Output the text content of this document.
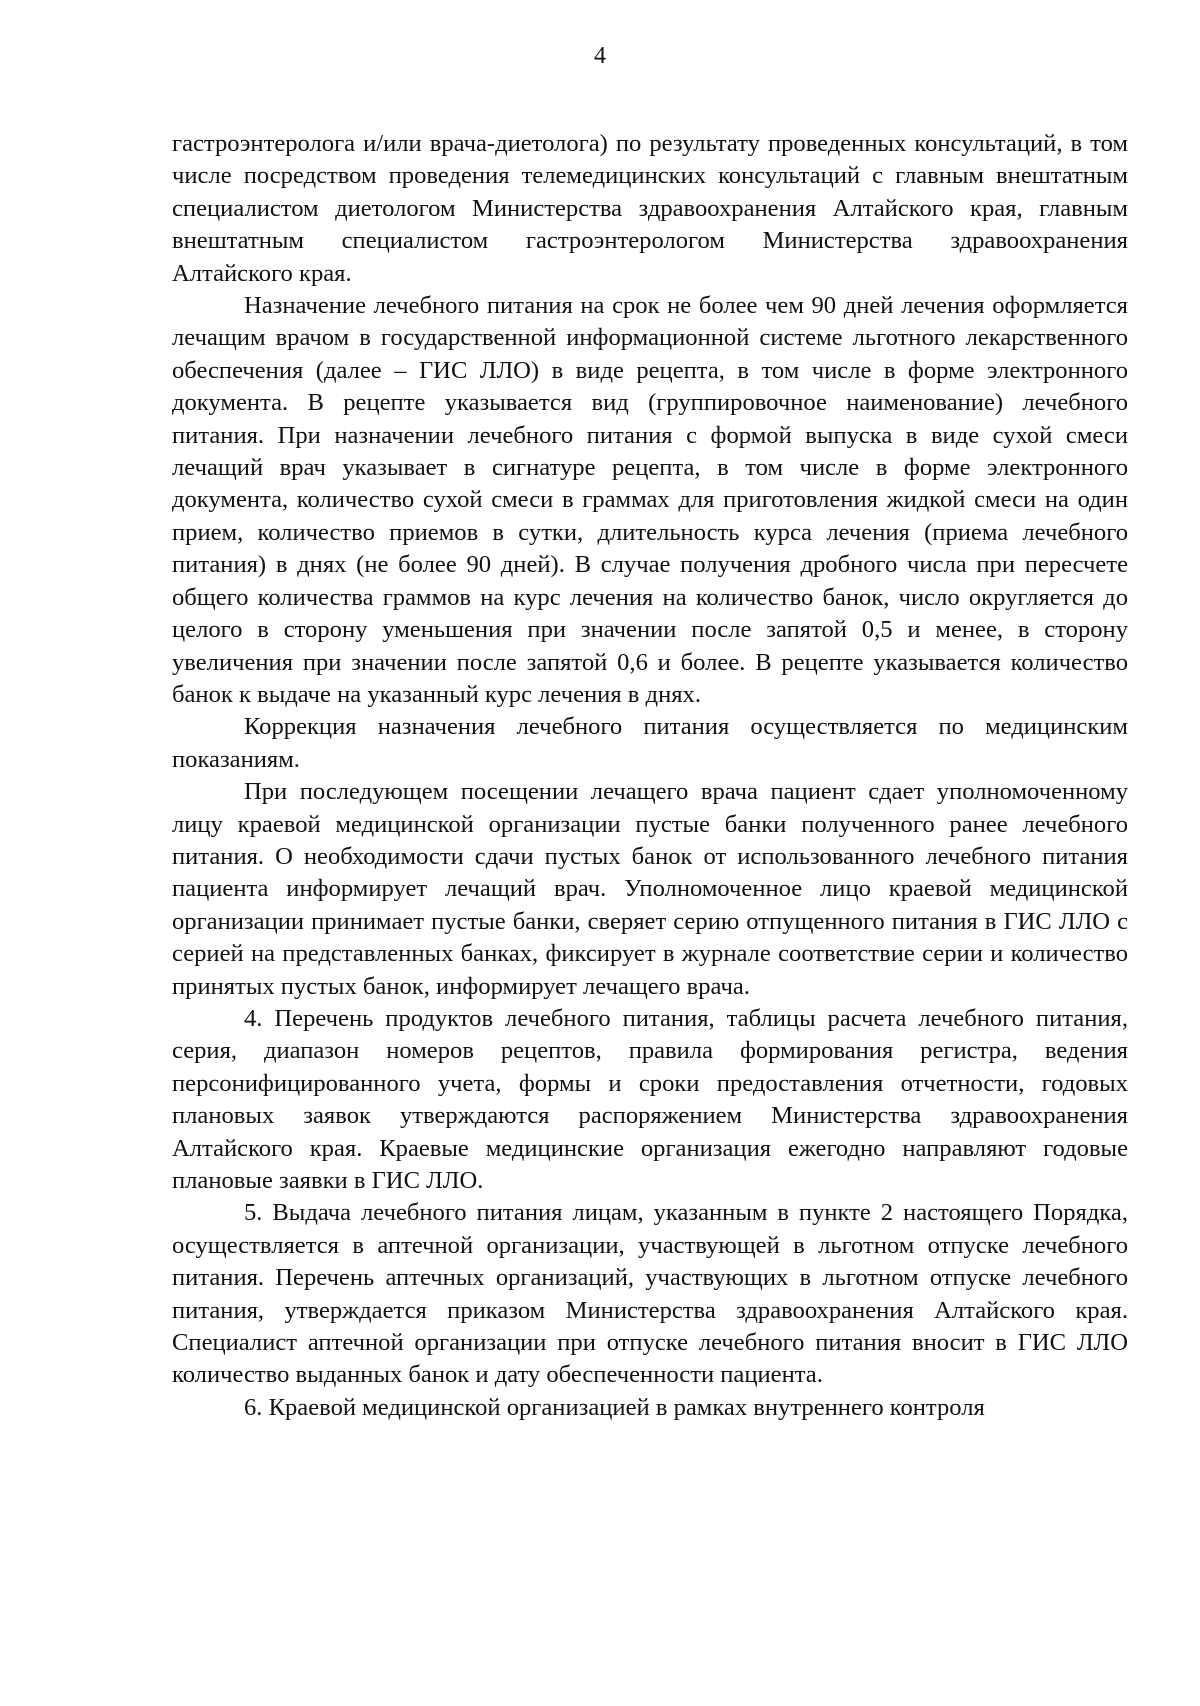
4

гастроэнтеролога и/или врача-диетолога) по результату проведенных консультаций, в том числе посредством проведения телемедицинских консультаций с главным внештатным специалистом диетологом Министерства здравоохранения Алтайского края, главным внештатным специалистом гастроэнтерологом Министерства здравоохранения Алтайского края.

Назначение лечебного питания на срок не более чем 90 дней лечения оформляется лечащим врачом в государственной информационной системе льготного лекарственного обеспечения (далее – ГИС ЛЛО) в виде рецепта, в том числе в форме электронного документа. В рецепте указывается вид (группировочное наименование) лечебного питания. При назначении лечебного питания с формой выпуска в виде сухой смеси лечащий врач указывает в сигнатуре рецепта, в том числе в форме электронного документа, количество сухой смеси в граммах для приготовления жидкой смеси на один прием, количество приемов в сутки, длительность курса лечения (приема лечебного питания) в днях (не более 90 дней). В случае получения дробного числа при пересчете общего количества граммов на курс лечения на количество банок, число округляется до целого в сторону уменьшения при значении после запятой 0,5 и менее, в сторону увеличения при значении после запятой 0,6 и более. В рецепте указывается количество банок к выдаче на указанный курс лечения в днях.

Коррекция назначения лечебного питания осуществляется по медицинским показаниям.

При последующем посещении лечащего врача пациент сдает уполномоченному лицу краевой медицинской организации пустые банки полученного ранее лечебного питания. О необходимости сдачи пустых банок от использованного лечебного питания пациента информирует лечащий врач. Уполномоченное лицо краевой медицинской организации принимает пустые банки, сверяет серию отпущенного питания в ГИС ЛЛО с серией на представленных банках, фиксирует в журнале соответствие серии и количество принятых пустых банок, информирует лечащего врача.

4. Перечень продуктов лечебного питания, таблицы расчета лечебного питания, серия, диапазон номеров рецептов, правила формирования регистра, ведения персонифицированного учета, формы и сроки предоставления отчетности, годовых плановых заявок утверждаются распоряжением Министерства здравоохранения Алтайского края. Краевые медицинские организация ежегодно направляют годовые плановые заявки в ГИС ЛЛО.

5. Выдача лечебного питания лицам, указанным в пункте 2 настоящего Порядка, осуществляется в аптечной организации, участвующей в льготном отпуске лечебного питания. Перечень аптечных организаций, участвующих в льготном отпуске лечебного питания, утверждается приказом Министерства здравоохранения Алтайского края. Специалист аптечной организации при отпуске лечебного питания вносит в ГИС ЛЛО количество выданных банок и дату обеспеченности пациента.

6. Краевой медицинской организацией в рамках внутреннего контроля
